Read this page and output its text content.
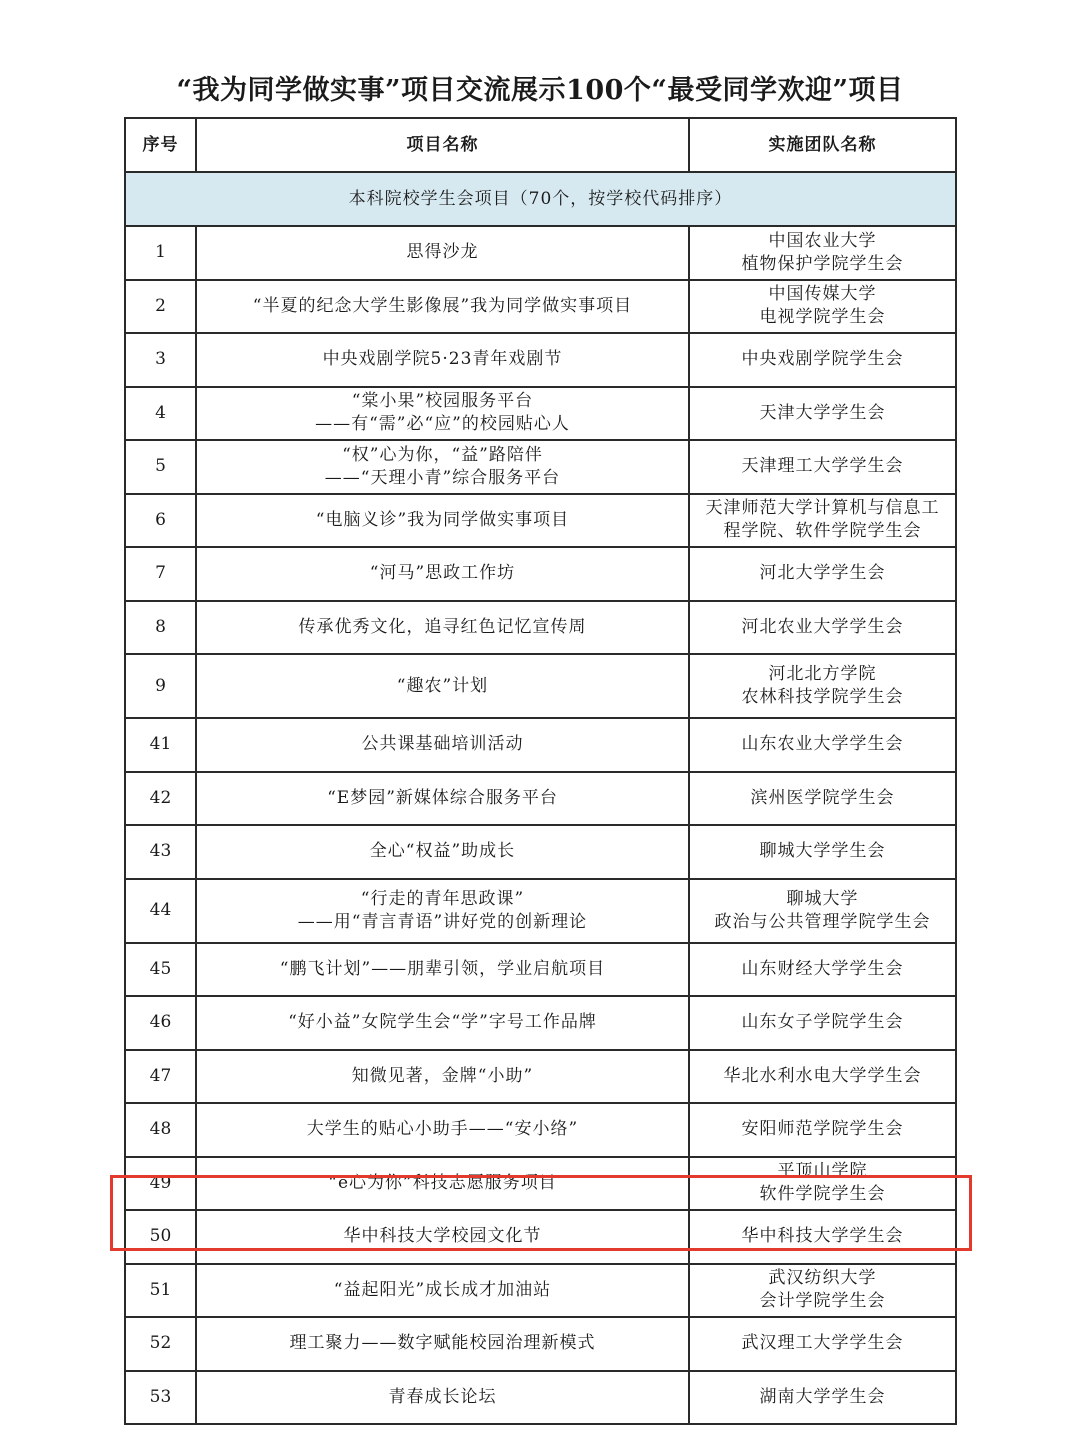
“我为同学做实事”项目交流展示100个“最受同学欢迎”项目
序号	项目名称	实施团队名称
本科院校学生会项目（70个，按学校代码排序）		
1	思得沙龙	中国农业大学
植物保护学院学生会

2	“半夏的纪念大学生影像展”我为同学做实事项目	中国传媒大学
电视学院学生会

3	中央戏剧学院5·23青年戏剧节	中央戏剧学院学生会

4	“棠小果”校园服务平台
——有“需”必“应”的校园贴心人	天津大学学生会

5	“权”心为你，“益”路陪伴
——“天理小青”综合服务平台	天津理工大学学生会

6	“电脑义诊”我为同学做实事项目	天津师范大学计算机与信息工
程学院、软件学院学生会

7	“河马”思政工作坊	河北大学学生会

8	传承优秀文化，追寻红色记忆宣传周	河北农业大学学生会

9	“趣农”计划	河北北方学院
农林科技学院学生会

41	公共课基础培训活动	山东农业大学学生会

42	“E梦园”新媒体综合服务平台	滨州医学院学生会

43	全心“权益”助成长	聊城大学学生会

44	“行走的青年思政课”
——用“青言青语”讲好党的创新理论	聊城大学
政治与公共管理学院学生会

45	“鹏飞计划”——朋辈引领，学业启航项目	山东财经大学学生会

46	“好小益”女院学生会“学”字号工作品牌	山东女子学院学生会

47	知微见著，金牌“小助”	华北水利水电大学学生会

48	大学生的贴心小助手——“安小络”	安阳师范学院学生会

49	“e心为你”科技志愿服务项目	平顶山学院
软件学院学生会

50	华中科技大学校园文化节	华中科技大学学生会

51	“益起阳光”成长成才加油站	武汉纺织大学
会计学院学生会

52	理工聚力——数字赋能校园治理新模式	武汉理工大学学生会

53	青春成长论坛	湖南大学学生会
